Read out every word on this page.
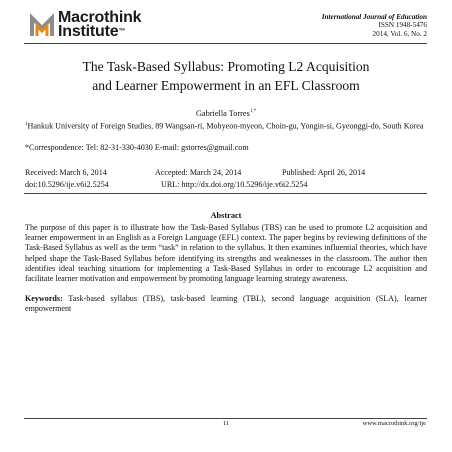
Macrothink
Institute™
International Journal of Education
ISSN 1948-5476
2014, Vol. 6, No. 2
The Task-Based Syllabus: Promoting L2 Acquisition
and Learner Empowerment in an EFL Classroom
Gabriella Torres$^{1,*}$
$^1$Hankuk University of Foreign Studies, 89 Wangsan-ri, Mohyeon-myeon, Choin-gu, Yongin-si, Gyeonggi-do, South Korea
*Correspondence: Tel: 82-31-330-4030 E-mail: gstorres@gmail.com
Received: March 6, 2014	Accepted: March 24, 2014	Published: April 26, 2014
doi:10.5296/ije.v6i2.5254	URL: http://dx.doi.org/10.5296/ije.v6i2.5254
Abstract
The purpose of this paper is to illustrate how the Task-Based Syllabus (TBS) can be used to promote L2 acquisition and learner empowerment in an English as a Foreign Language (EFL) context. The paper begins by reviewing definitions of the Task-Based Syllabus as well as the term “task” in relation to the syllabus. It then examines influential theories, which have helped shape the Task-Based Syllabus before identifying its strengths and weaknesses in the classroom. The author then identifies ideal teaching situations for implementing a Task-Based Syllabus in order to encourage L2 acquisition and facilitate learner motivation and empowerment by promoting language learning strategy awareness.
Keywords: Task-based syllabus (TBS), task-based learning (TBL), second language acquisition (SLA), learner empowerment
11	www.macrothink.org/ije
